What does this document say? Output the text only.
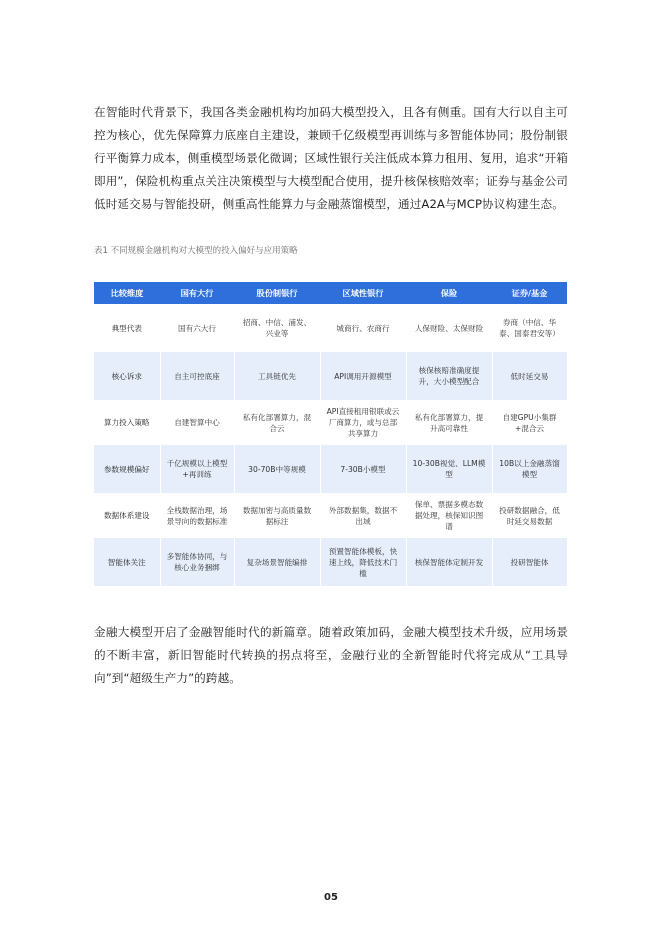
在智能时代背景下，我国各类金融机构均加码大模型投入，且各有侧重。国有大行以自主可控为核心，优先保障算力底座自主建设，兼顾千亿级模型再训练与多智能体协同；股份制银行平衡算力成本，侧重模型场景化微调；区域性银行关注低成本算力租用、复用，追求“开箱即用”，保险机构重点关注决策模型与大模型配合使用，提升核保核赔效率；证券与基金公司低时延交易与智能投研，侧重高性能算力与金融蒸馏模型，通过A2A与MCP协议构建生态。

表1 不同规模金融机构对大模型的投入偏好与应用策略
比较维度	国有大行	股份制银行	区域性银行	保险	证券/基金
典型代表	国有六大行	招商、中信、浦发、兴业等	城商行、农商行	人保财险、太保财险	券商（中信、华泰、国泰君安等）
核心诉求	自主可控底座	工具链优先	API调用开源模型	核保核赔准确度提升，大小模型配合	低时延交易
算力投入策略	自建智算中心	私有化部署算力，混合云	API直接租用银联或云厂商算力，或与总部共享算力	私有化部署算力，提升高可靠性	自建GPU小集群+混合云
参数规模偏好	千亿规模以上模型+再训练	30-70B中等规模	7-30B小模型	10-30B视觉、LLM模型	10B以上金融蒸馏模型
数据体系建设	全栈数据治理，场景导向的数据标准	数据加密与高质量数据标注	外部数据集，数据不出域	保单、票据多模态数据处理，核保知识图谱	投研数据融合，低时延交易数据
智能体关注	多智能体协同，与核心业务捆绑	复杂场景智能编排	预置智能体模板，快速上线，降低技术门槛	核保智能体定制开发	投研智能体

金融大模型开启了金融智能时代的新篇章。随着政策加码，金融大模型技术升级，应用场景的不断丰富，新旧智能时代转换的拐点将至，金融行业的全新智能时代将完成从“工具导向”到“超级生产力”的跨越。

05
